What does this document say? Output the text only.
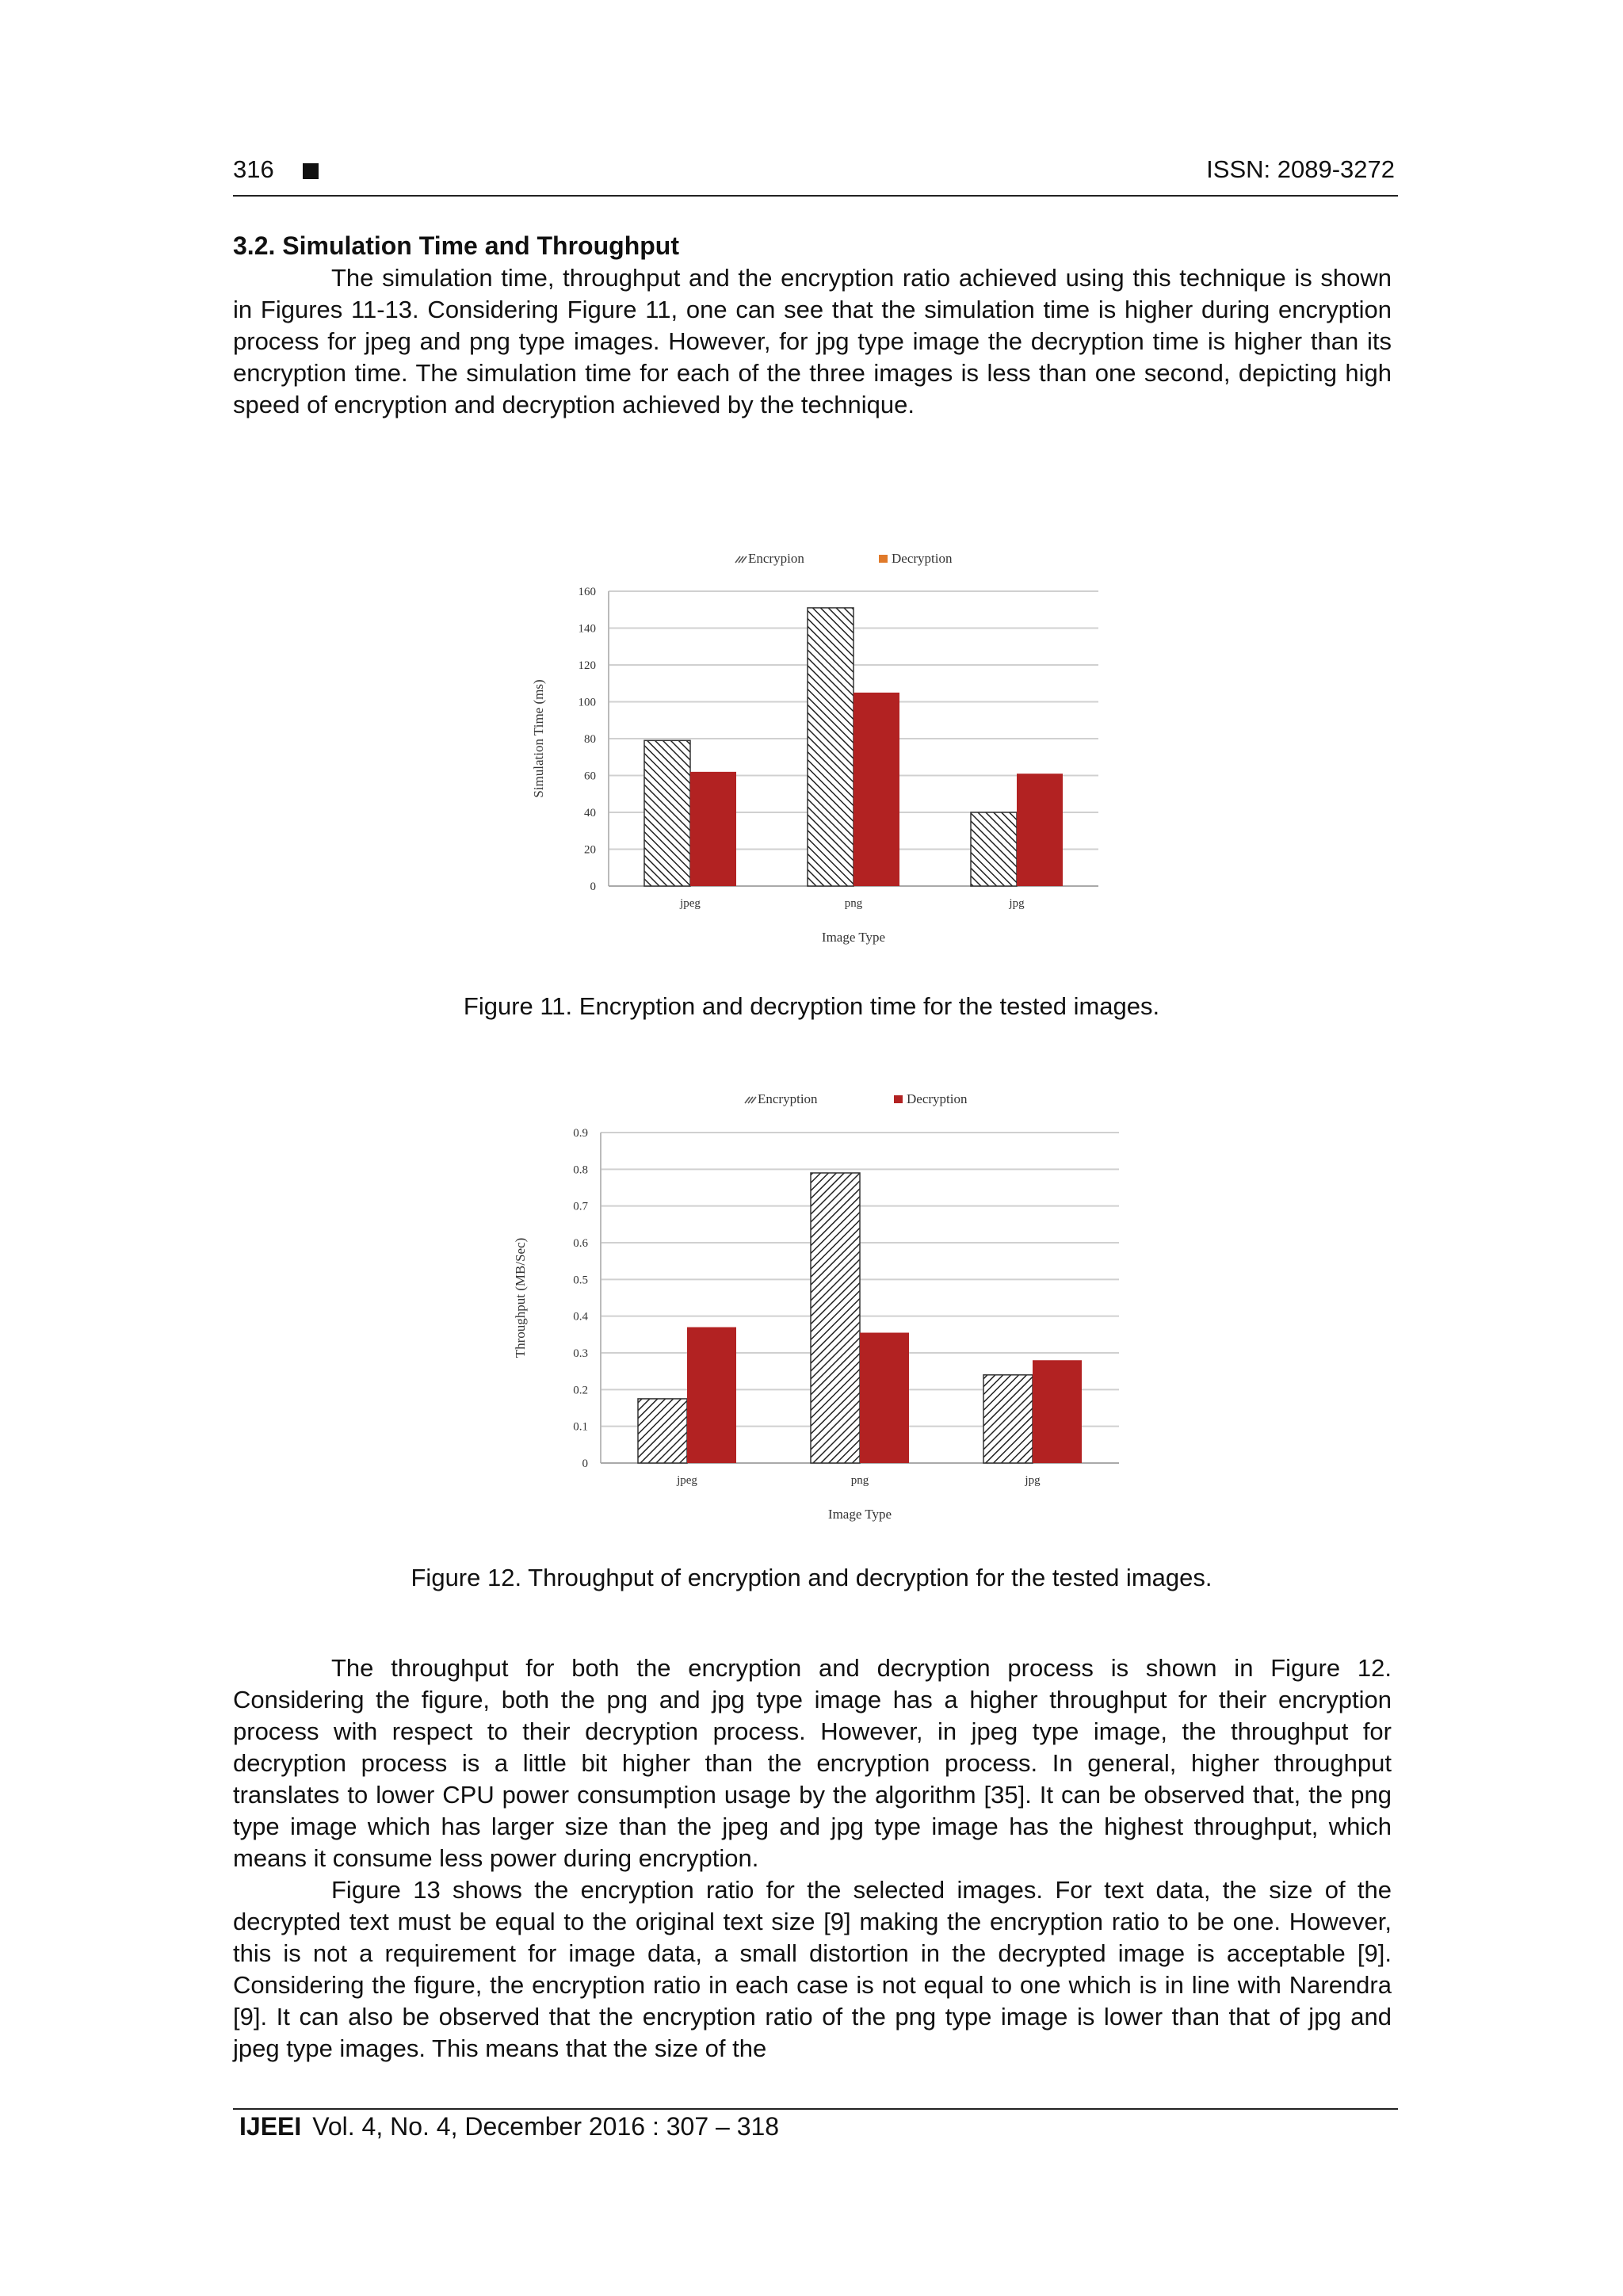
316	ISSN: 2089-3272
3.2. Simulation Time and Throughput

The simulation time, throughput and the encryption ratio achieved using this technique is shown in Figures 11-13. Considering Figure 11, one can see that the simulation time is higher during encryption process for jpeg and png type images. However, for jpg type image the decryption time is higher than its encryption time. The simulation time for each of the three images is less than one second, depicting high speed of encryption and decryption achieved by the technique.

0
20
40
60
80
100
120
140
160
jpeg	png	jpg
Image Type
Simulation Time (ms)
Encrypion	Decryption
Figure 11. Encryption and decryption time for the tested images.
0
0.1
0.2
0.3
0.4
0.5
0.6
0.7
0.8
0.9
jpeg	png	jpg
Image Type
Throughput (MB/Sec)
Encryption	Decryption
Figure 12. Throughput of encryption and decryption for the tested images.

The throughput for both the encryption and decryption process is shown in Figure 12. Considering the figure, both the png and jpg type image has a higher throughput for their encryption process with respect to their decryption process. However, in jpeg type image, the throughput for decryption process is a little bit higher than the encryption process. In general, higher throughput translates to lower CPU power consumption usage by the algorithm [35]. It can be observed that, the png type image which has larger size than the jpeg and jpg type image has the highest throughput, which means it consume less power during encryption.

Figure 13 shows the encryption ratio for the selected images. For text data, the size of the decrypted text must be equal to the original text size [9] making the encryption ratio to be one. However, this is not a requirement for image data, a small distortion in the decrypted image is acceptable [9]. Considering the figure, the encryption ratio in each case is not equal to one which is in line with Narendra [9]. It can also be observed that the encryption ratio of the png type image is lower than that of jpg and jpeg type images. This means that the size of the

IJEEI Vol. 4, No. 4, December 2016 : 307 – 318
